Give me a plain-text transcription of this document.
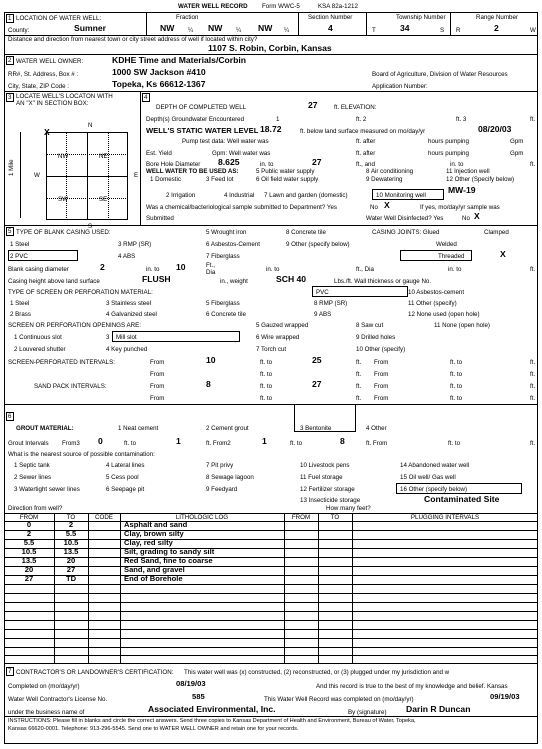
WATER WELL RECORD Form WWC-5	KSA 82a-1212
1 LOCATION OF WATER WELL:
County:	Sumner
Fraction
NW ¼ NW ¼ NW ¼
Section Number
4
Township Number
T	34	S
Range Number
R	2	W
Distance and direction from nearest town or city street address of well if located within city?
1107 S. Robin, Corbin, Kansas
2 WATER WELL OWNER:	KDHE Time and Materials/Corbin
RR#, St. Address, Box # :	1000 SW Jackson #410	Board of Agriculture, Division of Water Resources
City, State, ZIP Code :	Topeka, Ks 66612-1367	Application Number:
3 LOCATE WELL'S LOCATON WITH
AN "X" IN SECTION BOX:
N
S
W	E
1 Mile
NW	NE
SW	SE
X
4
DEPTH OF COMPLETED WELL	27	ft. ELEVATION:
Depth(s) Groundwater Encountered	1	ft. 2	ft. 3	ft.
WELL'S STATIC WATER LEVEL 18.72	ft. below land surface measured on mo/day/yr	08/20/03
Pump test data: Well water was	ft. after	hours pumping	Gpm
Est. Yield	Gpm: Well water was	ft. after	hours pumping	Gpm
Bore Hole Diameter 8.625	in. to	27	ft., and	in. to	ft.
WELL WATER TO BE USED AS:	5 Public water supply	8 Air conditioning	11 Injection well
1 Domestic	3 Feed lot	6 Oil field water supply	9 Dewatering	12 Other (Specify below)
2 Irrigation	4 Industrial 7 Lawn and garden (domestic)	10 Monitoring well
MW-19
Was a chemical/bacteriological sample submitted to Department? Yes	No X	If yes, mo/day/yr sample was
Submitted	Water Well Disinfected? Yes	No X
5 TYPE OF BLANK CASING USED:	5 Wrought iron	8 Concrete tile	CASING JOINTS: Glued	Clamped
1 Steel	3 RMP (SR)	6 Asbestos-Cement	9 Other (specify below)	Welded
2 PVC	4 ABS	7 Fiberglass	Threaded	X
Blank casing diameter	2	in. to 10	Ft., Dia	in. to	ft., Dia	in. to	ft.
Casing height above land surface	FLUSH	in., weight	SCH 40	Lbs./ft. Wall thickness or gauge No.
TYPE OF SCREEN OR PERFORATION MATERIAL:	PVC	10 Asbestos-cement
1 Steel	3 Stainless steel	5 Fiberglass	8 RMP (SR)	11 Other (specify)
2 Brass	4 Galvanized steel	6 Concrete tile	9 ABS	12 None used (open hole)
SCREEN OR PERFORATION OPENINGS ARE:	5 Gauzed wrapped	8 Saw cut	11 None (open hole)
1 Continuous slot	3 Mill slot	6 Wire wrapped	9 Drilled holes
2 Louvered shutter	4 Key punched	7 Torch cut	10 Other (specify)
SCREEN-PERFORATED INTERVALS:	From	10	ft. to	25	ft. From	ft. to	ft.
From	ft. to	ft. From	ft. to	ft.
SAND PACK INTERVALS:	From	8	ft. to	27	ft. From	ft. to	ft.
From	ft. to	ft. From	ft. to	ft.
6
GROUT MATERIAL:	1 Neat cement	2 Cement grout	3 Bentonite	4 Other
Grout Intervals From3 0	ft. to	1	ft. From2	1	ft. to	8	ft. From	ft. to	ft.
What is the nearest source of possible contamination:
1 Septic tank	4 Lateral lines	7 Pit privy	10 Livestock pens	14 Abandoned water well
2 Sewer lines	5 Cess pool	8 Sewage lagoon	11 Fuel storage	15 Oil well/ Gas well
3 Watertight sewer lines	6 Seepage pit	9 Feedyard	12 Fertilizer storage	16 Other (specify below)
13 Insecticide storage	Contaminated Site
Direction from well?	How many feet?
FROM	TO	CODE	LITHOLOGIC LOG	FROM	TO	PLUGGING INTERVALS
0	2	Asphalt and sand
2	5.5	Clay, brown silty
5.5	10.5	Clay, red silty
10.5	13.5	Silt, grading to sandy silt
13.5	20	Red Sand, fine to coarse
20	27	Sand, and gravel
27	TD	End of Borehole
7 CONTRACTOR'S OR LANDOWNER'S CERTIFICATION: This water well was (x) constructed, (2) reconstructed, or (3) plugged under my jurisdiction and w
Completed on (mo/day/yr)	08/19/03	And this record is true to the best of my knowledge and belief. Kansas
Water Well Contractor's License No.	585	This Water Well Record was completed on (mo/day/yr)	09/19/03
under the business name of	Associated Environmental, Inc.	By (signature) Darin R Duncan
INSTRUCTIONS: Please fill in blanks and circle the correct answers. Send three copies to Kansas Department of Health and Environment, Bureau of Water, Topeka,
Kansas 66620-0001. Telephone: 913-296-5545. Send one to WATER WELL OWNER and retain one for your records.
